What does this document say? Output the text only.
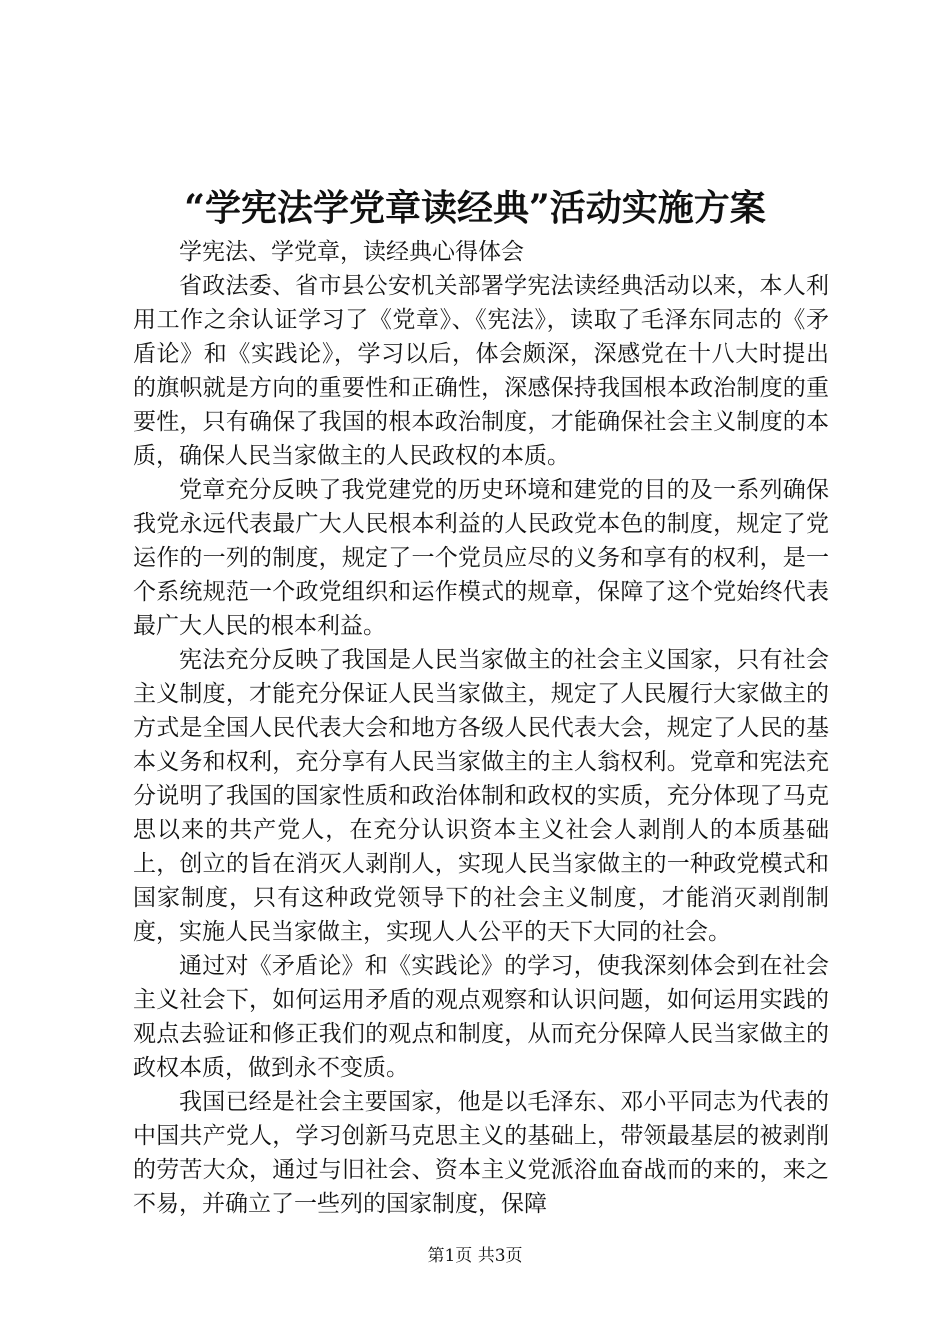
“学宪法学党章读经典”活动实施方案

学宪法、学党章，读经典心得体会

省政法委、省市县公安机关部署学宪法读经典活动以来，本人利用工作之余认证学习了《党章》、《宪法》，读取了毛泽东同志的《矛盾论》和《实践论》，学习以后，体会颇深，深感党在十八大时提出的旗帜就是方向的重要性和正确性，深感保持我国根本政治制度的重要性，只有确保了我国的根本政治制度，才能确保社会主义制度的本质，确保人民当家做主的人民政权的本质。

党章充分反映了我党建党的历史环境和建党的目的及一系列确保我党永远代表最广大人民根本利益的人民政党本色的制度，规定了党运作的一列的制度，规定了一个党员应尽的义务和享有的权利，是一个系统规范一个政党组织和运作模式的规章，保障了这个党始终代表最广大人民的根本利益。

宪法充分反映了我国是人民当家做主的社会主义国家，只有社会主义制度，才能充分保证人民当家做主，规定了人民履行大家做主的方式是全国人民代表大会和地方各级人民代表大会，规定了人民的基本义务和权利，充分享有人民当家做主的主人翁权利。党章和宪法充分说明了我国的国家性质和政治体制和政权的实质，充分体现了马克思以来的共产党人，在充分认识资本主义社会人剥削人的本质基础上，创立的旨在消灭人剥削人，实现人民当家做主的一种政党模式和国家制度，只有这种政党领导下的社会主义制度，才能消灭剥削制度，实施人民当家做主，实现人人公平的天下大同的社会。

通过对《矛盾论》和《实践论》的学习，使我深刻体会到在社会主义社会下，如何运用矛盾的观点观察和认识问题，如何运用实践的观点去验证和修正我们的观点和制度，从而充分保障人民当家做主的政权本质，做到永不变质。

我国已经是社会主要国家，他是以毛泽东、邓小平同志为代表的中国共产党人，学习创新马克思主义的基础上，带领最基层的被剥削的劳苦大众，通过与旧社会、资本主义党派浴血奋战而的来的，来之不易，并确立了一些列的国家制度，保障

第1页 共3页
